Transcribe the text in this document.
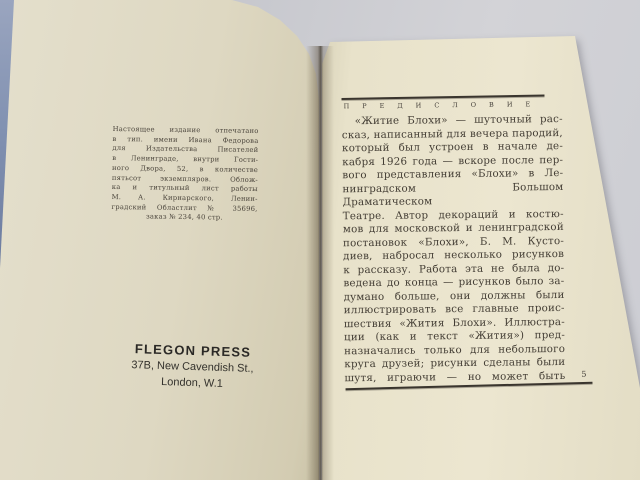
Настоящее издание отпечатано
в тип. имени Ивана Федорова
для Издательства Писателей
в Ленинграде, внутри Гости-
ного Двора, 52, в количестве
пятьсот экземпляров. Облож-
ка и титульный лист работы
М. А. Кирнарского, Ленин-
градский Областлит № 35696,
заказ № 234, 40 стр.
FLEGON PRESS
37B, New Cavendish St.,
London, W.1
ПРЕДИСЛОВИЕ
«Житие Блохи» — шуточный рас-
сказ, написанный для вечера пародий,
который был устроен в начале де-
кабря 1926 года — вскоре после пер-
вого представления «Блохи» в Ле-
нинградском Большом Драматическом
Театре. Автор декораций и костю-
мов для московской и ленинградской
постановок «Блохи», Б. М. Кусто-
диев, набросал несколько рисунков
к рассказу. Работа эта не была до-
ведена до конца — рисунков было за-
думано больше, они должны были
иллюстрировать все главные проис-
шествия «Жития Блохи». Иллюстра-
ции (как и текст «Жития») пред-
назначались только для небольшого
круга друзей; рисунки сделаны были
шутя, играючи — но может быть 5
